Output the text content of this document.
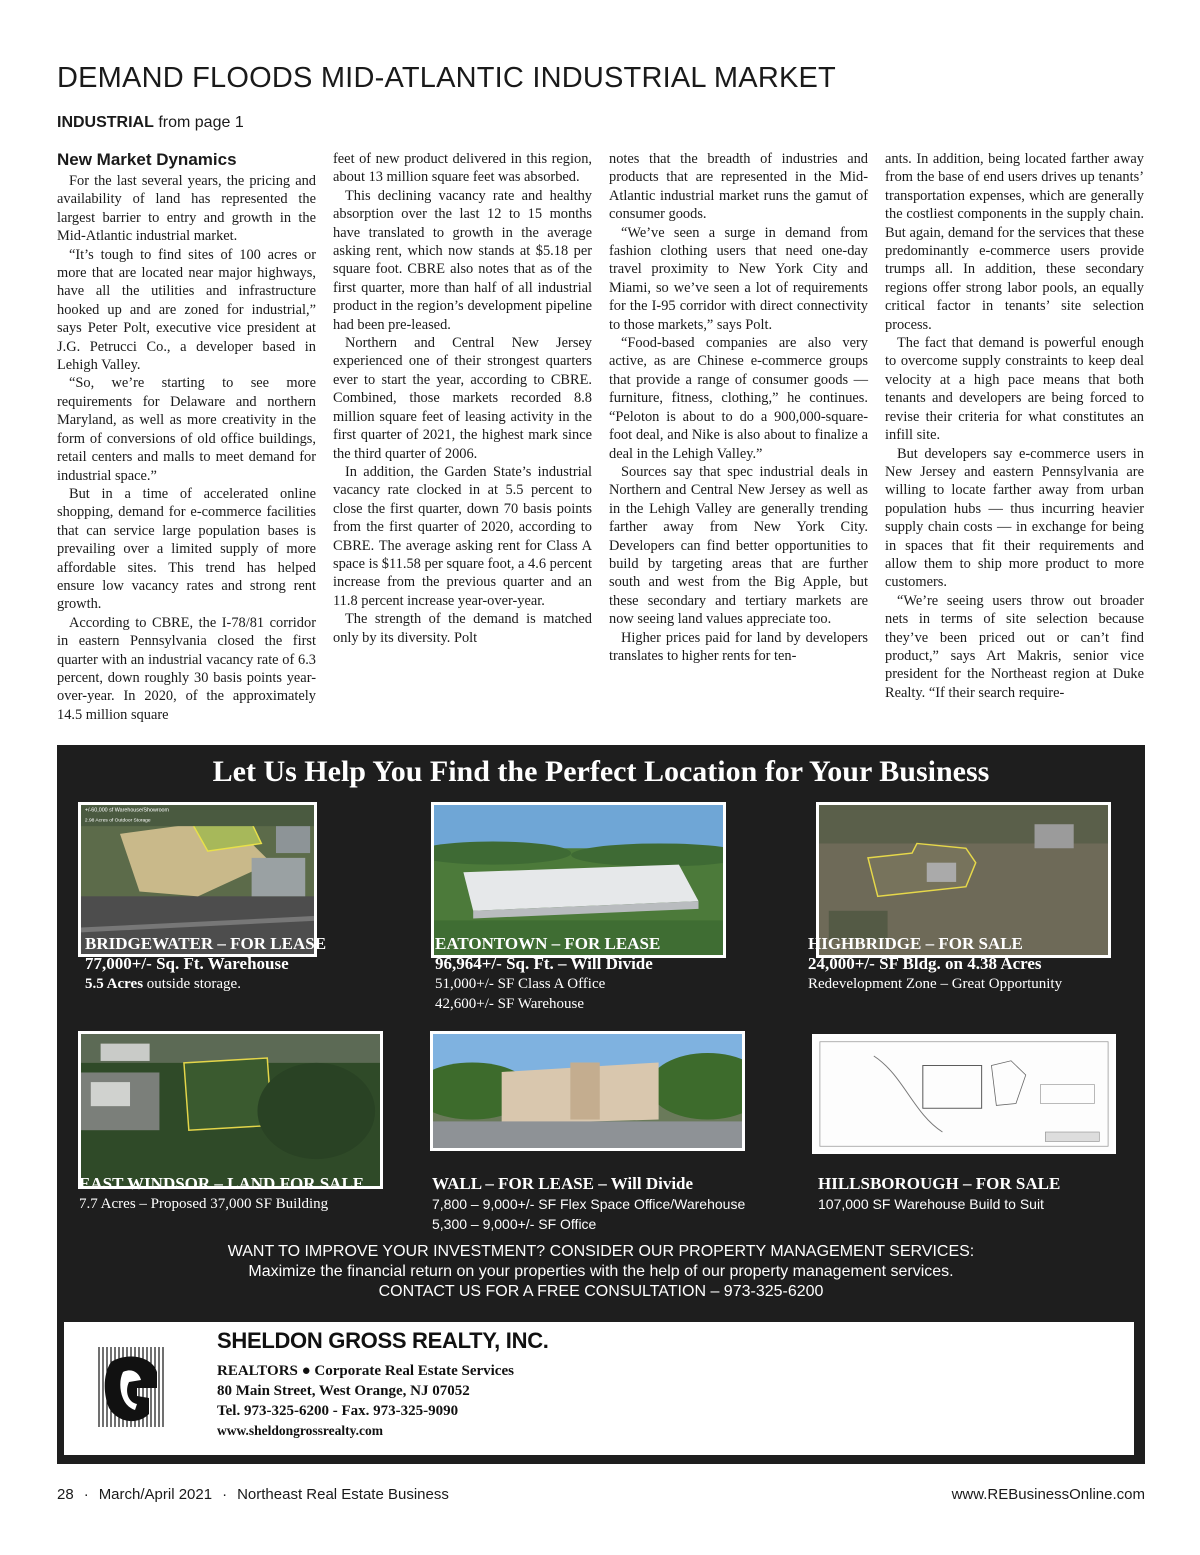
DEMAND FLOODS MID-ATLANTIC INDUSTRIAL MARKET
INDUSTRIAL from page 1
New Market Dynamics

For the last several years, the pricing and availability of land has represented the largest barrier to entry and growth in the Mid-Atlantic industrial market.

“It’s tough to find sites of 100 acres or more that are located near major highways, have all the utilities and infrastructure hooked up and are zoned for industrial,” says Peter Polt, executive vice president at J.G. Petrucci Co., a developer based in Lehigh Valley.

“So, we’re starting to see more requirements for Delaware and northern Maryland, as well as more creativity in the form of conversions of old office buildings, retail centers and malls to meet demand for industrial space.”

But in a time of accelerated online shopping, demand for e-commerce facilities that can service large population bases is prevailing over a limited supply of more affordable sites. This trend has helped ensure low vacancy rates and strong rent growth.

According to CBRE, the I-78/81 corridor in eastern Pennsylvania closed the first quarter with an industrial vacancy rate of 6.3 percent, down roughly 30 basis points year-over-year. In 2020, of the approximately 14.5 million square

feet of new product delivered in this region, about 13 million square feet was absorbed.

This declining vacancy rate and healthy absorption over the last 12 to 15 months have translated to growth in the average asking rent, which now stands at $5.18 per square foot. CBRE also notes that as of the first quarter, more than half of all industrial product in the region’s development pipeline had been pre-leased.

Northern and Central New Jersey experienced one of their strongest quarters ever to start the year, according to CBRE. Combined, those markets recorded 8.8 million square feet of leasing activity in the first quarter of 2021, the highest mark since the third quarter of 2006.

In addition, the Garden State’s industrial vacancy rate clocked in at 5.5 percent to close the first quarter, down 70 basis points from the first quarter of 2020, according to CBRE. The average asking rent for Class A space is $11.58 per square foot, a 4.6 percent increase from the previous quarter and an 11.8 percent increase year-over-year.

The strength of the demand is matched only by its diversity. Polt

notes that the breadth of industries and products that are represented in the Mid-Atlantic industrial market runs the gamut of consumer goods.

“We’ve seen a surge in demand from fashion clothing users that need one-day travel proximity to New York City and Miami, so we’ve seen a lot of requirements for the I-95 corridor with direct connectivity to those markets,” says Polt.

“Food-based companies are also very active, as are Chinese e-commerce groups that provide a range of consumer goods — furniture, fitness, clothing,” he continues. “Peloton is about to do a 900,000-square-foot deal, and Nike is also about to finalize a deal in the Lehigh Valley.”

Sources say that spec industrial deals in Northern and Central New Jersey as well as in the Lehigh Valley are generally trending farther away from New York City. Developers can find better opportunities to build by targeting areas that are further south and west from the Big Apple, but these secondary and tertiary markets are now seeing land values appreciate too.

Higher prices paid for land by developers translates to higher rents for ten-

ants. In addition, being located farther away from the base of end users drives up tenants’ transportation expenses, which are generally the costliest components in the supply chain. But again, demand for the services that these predominantly e-commerce users provide trumps all. In addition, these secondary regions offer strong labor pools, an equally critical factor in tenants’ site selection process.

The fact that demand is powerful enough to overcome supply constraints to keep deal velocity at a high pace means that both tenants and developers are being forced to revise their criteria for what constitutes an infill site.

But developers say e-commerce users in New Jersey and eastern Pennsylvania are willing to locate farther away from urban population hubs — thus incurring heavier supply chain costs — in exchange for being in spaces that fit their requirements and allow them to ship more product to more customers.

“We’re seeing users throw out broader nets in terms of site selection because they’ve been priced out or can’t find product,” says Art Makris, senior vice president for the Northeast region at Duke Realty. “If their search require-

Let Us Help You Find the Perfect Location for Your Business
+/-60,000 sf Warehouse/Showroom
2.98 Acres of Outdoor Storage
BRIDGEWATER – FOR LEASE
77,000+/- Sq. Ft. Warehouse
5.5 Acres outside storage.
EATONTOWN – FOR LEASE
96,964+/- Sq. Ft. – Will Divide
51,000+/- SF Class A Office
42,600+/- SF Warehouse
HIGHBRIDGE – FOR SALE
24,000+/- SF Bldg. on 4.38 Acres
Redevelopment Zone – Great Opportunity
EAST WINDSOR – LAND FOR SALE
7.7 Acres – Proposed 37,000 SF Building
WALL – FOR LEASE – Will Divide
7,800 – 9,000+/- SF Flex Space Office/Warehouse
5,300 – 9,000+/- SF Office
HILLSBOROUGH – FOR SALE
107,000 SF Warehouse Build to Suit
WANT TO IMPROVE YOUR INVESTMENT? CONSIDER OUR PROPERTY MANAGEMENT SERVICES:
Maximize the financial return on your properties with the help of our property management services.
CONTACT US FOR A FREE CONSULTATION – 973-325-6200
SHELDON GROSS REALTY, INC.
REALTORS ● Corporate Real Estate Services
80 Main Street, West Orange, NJ 07052
Tel. 973-325-6200 - Fax. 973-325-9090
www.sheldongrossrealty.com
28 · March/April 2021 · Northeast Real Estate Business	www.REBusinessOnline.com
